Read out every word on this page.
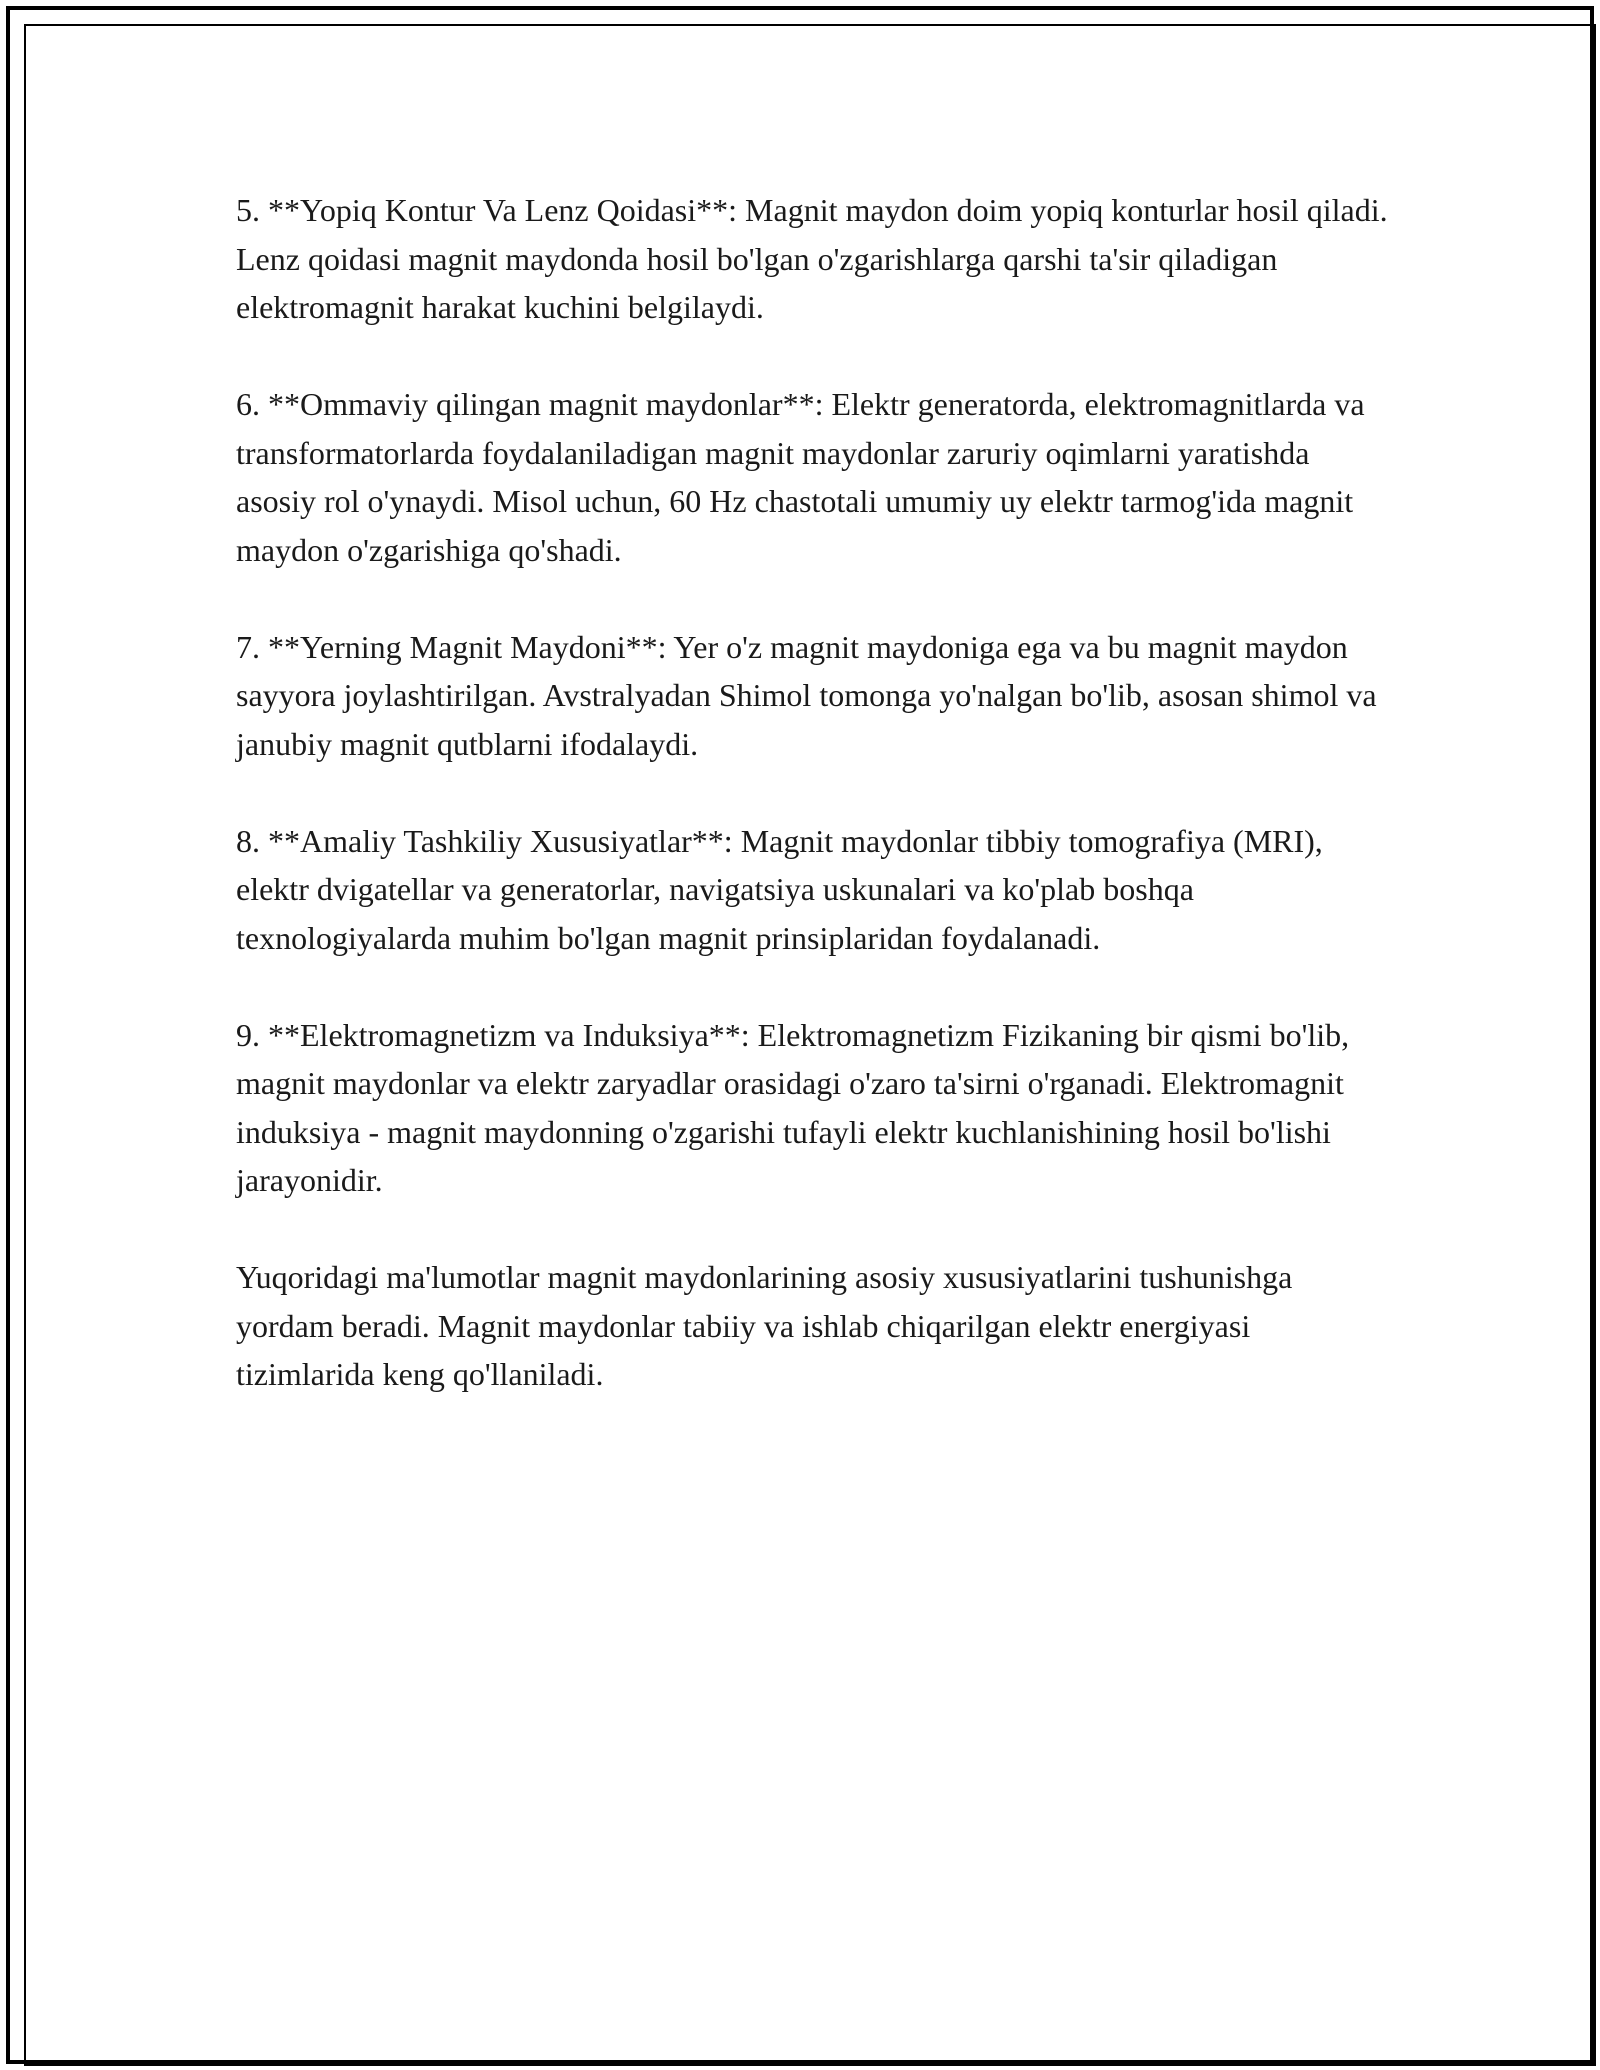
5. **Yopiq Kontur Va Lenz Qoidasi**: Magnit maydon doim yopiq konturlar hosil qiladi. Lenz qoidasi magnit maydonda hosil bo'lgan o'zgarishlarga qarshi ta'sir qiladigan elektromagnit harakat kuchini belgilaydi.

6. **Ommaviy qilingan magnit maydonlar**: Elektr generatorda, elektromagnitlarda va transformatorlarda foydalaniladigan magnit maydonlar zaruriy oqimlarni yaratishda asosiy rol o'ynaydi. Misol uchun, 60 Hz chastotali umumiy uy elektr tarmog'ida magnit maydon o'zgarishiga qo'shadi.

7. **Yerning Magnit Maydoni**: Yer o'z magnit maydoniga ega va bu magnit maydon sayyora joylashtirilgan. Avstralyadan Shimol tomonga yo'nalgan bo'lib, asosan shimol va janubiy magnit qutblarni ifodalaydi.

8. **Amaliy Tashkiliy Xususiyatlar**: Magnit maydonlar tibbiy tomografiya (MRI), elektr dvigatellar va generatorlar, navigatsiya uskunalari va ko'plab boshqa texnologiyalarda muhim bo'lgan magnit prinsiplaridan foydalanadi.

9. **Elektromagnetizm va Induksiya**: Elektromagnetizm Fizikaning bir qismi bo'lib, magnit maydonlar va elektr zaryadlar orasidagi o'zaro ta'sirni o'rganadi. Elektromagnit induksiya - magnit maydonning o'zgarishi tufayli elektr kuchlanishining hosil bo'lishi jarayonidir.

Yuqoridagi ma'lumotlar magnit maydonlarining asosiy xususiyatlarini tushunishga yordam beradi. Magnit maydonlar tabiiy va ishlab chiqarilgan elektr energiyasi tizimlarida keng qo'llaniladi.
